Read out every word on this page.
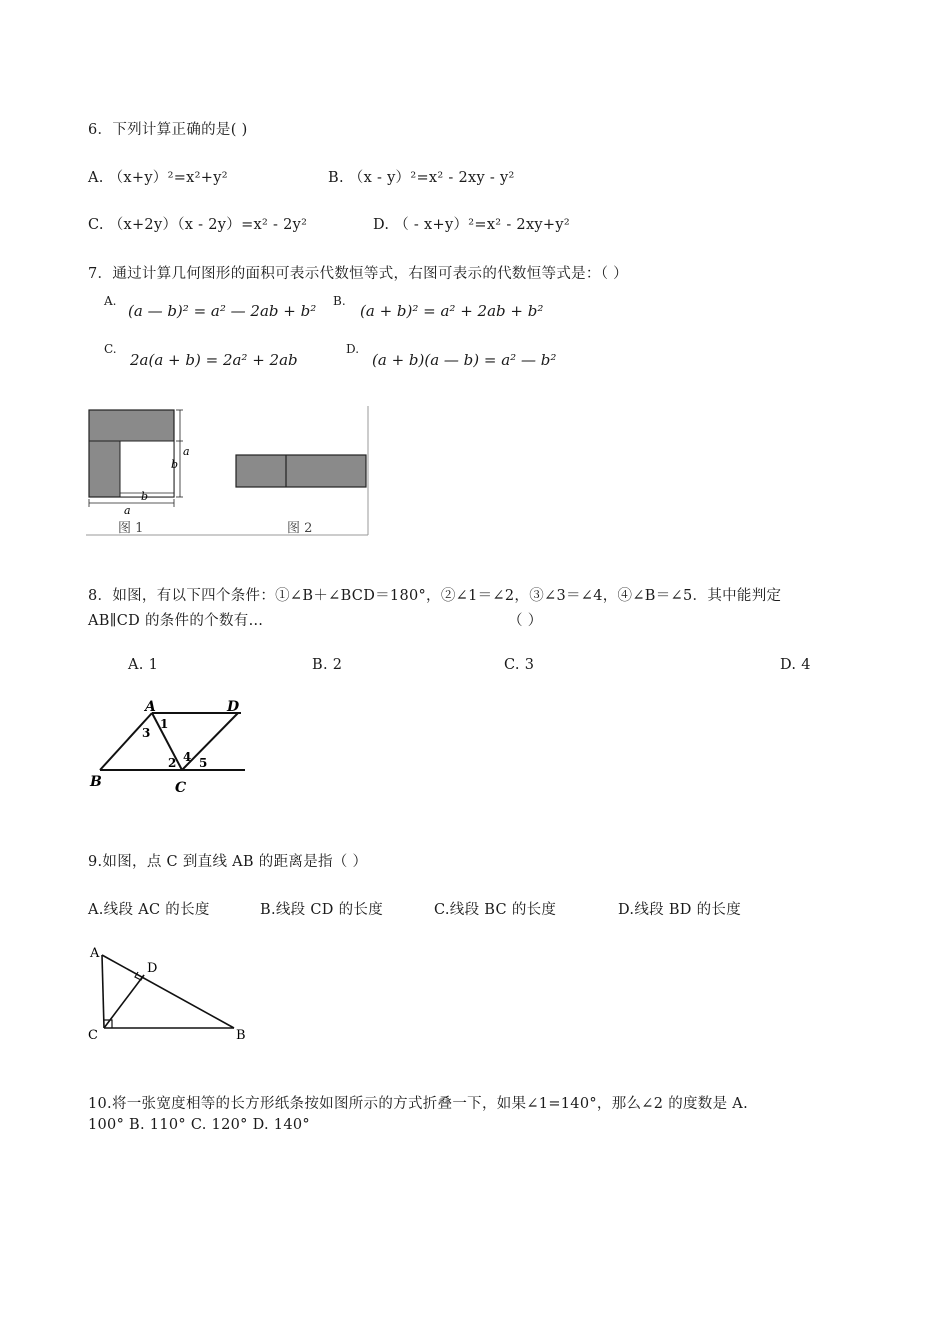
6．下列计算正确的是( )
A. （x+y）²=x²+y²	B. （x - y）²=x² - 2xy - y²
C. （x+2y）（x - 2y）=x² - 2y²	D. （ - x+y）²=x² - 2xy+y²
7．通过计算几何图形的面积可表示代数恒等式，右图可表示的代数恒等式是：（ ）
A.
(a — b)² = a² — 2ab + b²
B.
(a + b)² = a² + 2ab + b²
C.
2a(a + b) = 2a² + 2ab
D.
(a + b)(a — b) = a² — b²
a
b
b
a
图 1	图 2
8．如图，有以下四个条件：①∠B＋∠BCD＝180°，②∠1＝∠2，③∠3＝∠4，④∠B＝∠5．其中能判定
AB∥CD 的条件的个数有…	（ ）
A. 1	B. 2	C. 3	D. 4
A	D
B	C
1
3
2 4 5
9.如图，点 C 到直线 AB 的距离是指（ ）
A.线段 AC 的长度	B.线段 CD 的长度	C.线段 BC 的长度	D.线段 BD 的长度
A
D
C	B
10.将一张宽度相等的长方形纸条按如图所示的方式折叠一下，如果∠1=140°，那么∠2 的度数是 A.
100° B. 110° C. 120° D. 140°
